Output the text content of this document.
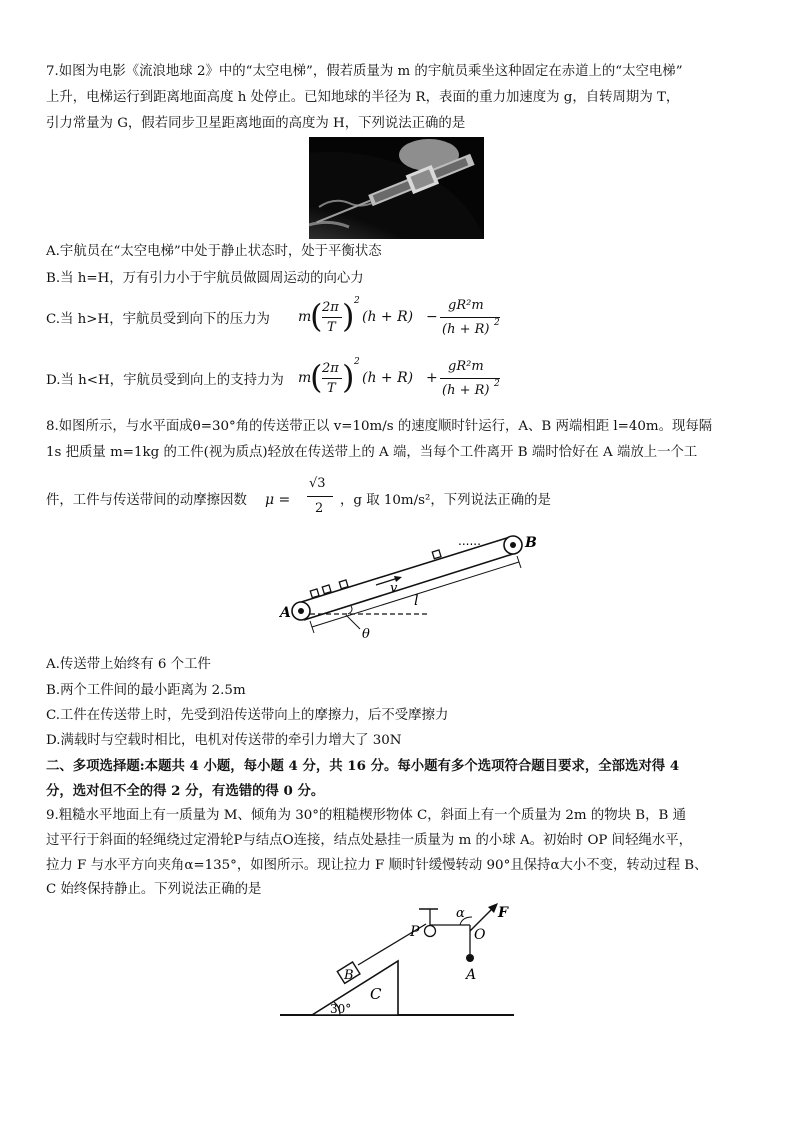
7.如图为电影《流浪地球 2》中的“太空电梯”，假若质量为 m 的宇航员乘坐这种固定在赤道上的“太空电梯”
上升，电梯运行到距离地面高度 h 处停止。已知地球的半径为 R，表面的重力加速度为 g，自转周期为 T，
引力常量为 G，假若同步卫星距离地面的高度为 H，下列说法正确的是
A.宇航员在“太空电梯”中处于静止状态时，处于平衡状态
B.当 h=H，万有引力小于宇航员做圆周运动的向心力
C.当 h>H，宇航员受到向下的压力为 m
( 2π
T ) 2
(h + R) −
gR²m
(h + R) 2
D.当 h<H，宇航员受到向上的支持力为 m
( 2π
T ) 2
(h + R) +
gR²m
(h + R) 2
8.如图所示，与水平面成θ=30°角的传送带正以 v=10m/s 的速度顺时针运行，A、B 两端相距 l=40m。现每隔
1s 把质量 m=1kg 的工件(视为质点)轻放在传送带上的 A 端，当每个工件离开 B 端时恰好在 A 端放上一个工
件，工件与传送带间的动摩擦因数 μ =
√3
2
，g 取 10m/s²，下列说法正确的是
......
v
l
θ
A
B
A.传送带上始终有 6 个工件
B.两个工件间的最小距离为 2.5m
C.工件在传送带上时，先受到沿传送带向上的摩擦力，后不受摩擦力
D.满载时与空载时相比，电机对传送带的牵引力增大了 30N
二、多项选择题:本题共 4 小题，每小题 4 分，共 16 分。每小题有多个选项符合题目要求，全部选对得 4
分，选对但不全的得 2 分，有选错的得 0 分。
9.粗糙水平地面上有一质量为 M、倾角为 30°的粗糙楔形物体 C，斜面上有一个质量为 2m 的物块 B，B 通
过平行于斜面的轻绳绕过定滑轮P与结点O连接，结点处悬挂一质量为 m 的小球 A。初始时 OP 间轻绳水平，
拉力 F 与水平方向夹角α=135°，如图所示。现让拉力 F 顺时针缓慢转动 90°且保持α大小不变，转动过程 B、
C 始终保持静止。下列说法正确的是
C
30°
B
P
A
O
F
α
